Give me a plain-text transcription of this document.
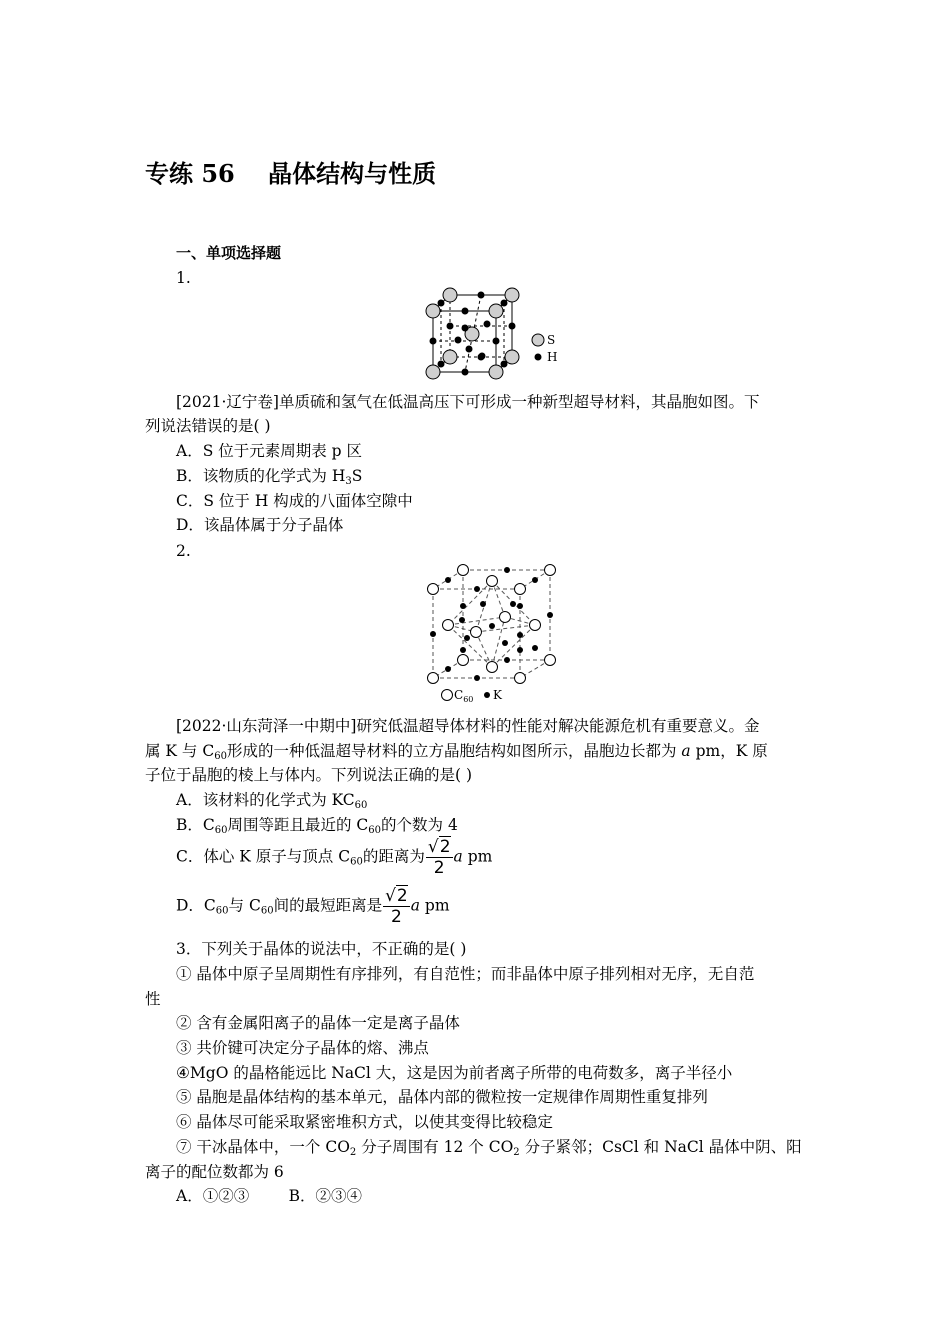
专练 56    晶体结构与性质
一、单项选择题
1.
S
H
[2021·辽宁卷]单质硫和氢气在低温高压下可形成一种新型超导材料，其晶胞如图。下
列说法错误的是( )
A．S 位于元素周期表 p 区
B．该物质的化学式为 $H_3S$
C．S 位于 H 构成的八面体空隙中
D．该晶体属于分子晶体
2.
$C_{60}$ K
[2022·山东菏泽一中期中]研究低温超导体材料的性能对解决能源危机有重要意义。金
属 K 与 $C_{60}$形成的一种低温超导材料的立方晶胞结构如图所示，晶胞边长都为 a pm，K 原
子位于晶胞的棱上与体内。下列说法正确的是( )
A．该材料的化学式为 $KC_{60}$
B．$C_{60}$周围等距且最近的 $C_{60}$的个数为 4
C．体心 K 原子与顶点 $C_{60}$的距离为 $\frac{√2}{2}$ a pm
D．$C_{60}$与 $C_{60}$间的最短距离是 $\frac{√2}{2}$ a pm
3．下列关于晶体的说法中，不正确的是( )
① 晶体中原子呈周期性有序排列，有自范性；而非晶体中原子排列相对无序，无自范
性
② 含有金属阳离子的晶体一定是离子晶体
③ 共价键可决定分子晶体的熔、沸点
④MgO 的晶格能远比 NaCl 大，这是因为前者离子所带的电荷数多，离子半径小
⑤ 晶胞是晶体结构的基本单元，晶体内部的微粒按一定规律作周期性重复排列
⑥ 晶体尽可能采取紧密堆积方式，以使其变得比较稳定
⑦ 干冰晶体中，一个 $CO_2$ 分子周围有 12 个 $CO_2$ 分子紧邻；CsCl 和 NaCl 晶体中阴、阳
离子的配位数都为 6
A．①②③        B．②③④
